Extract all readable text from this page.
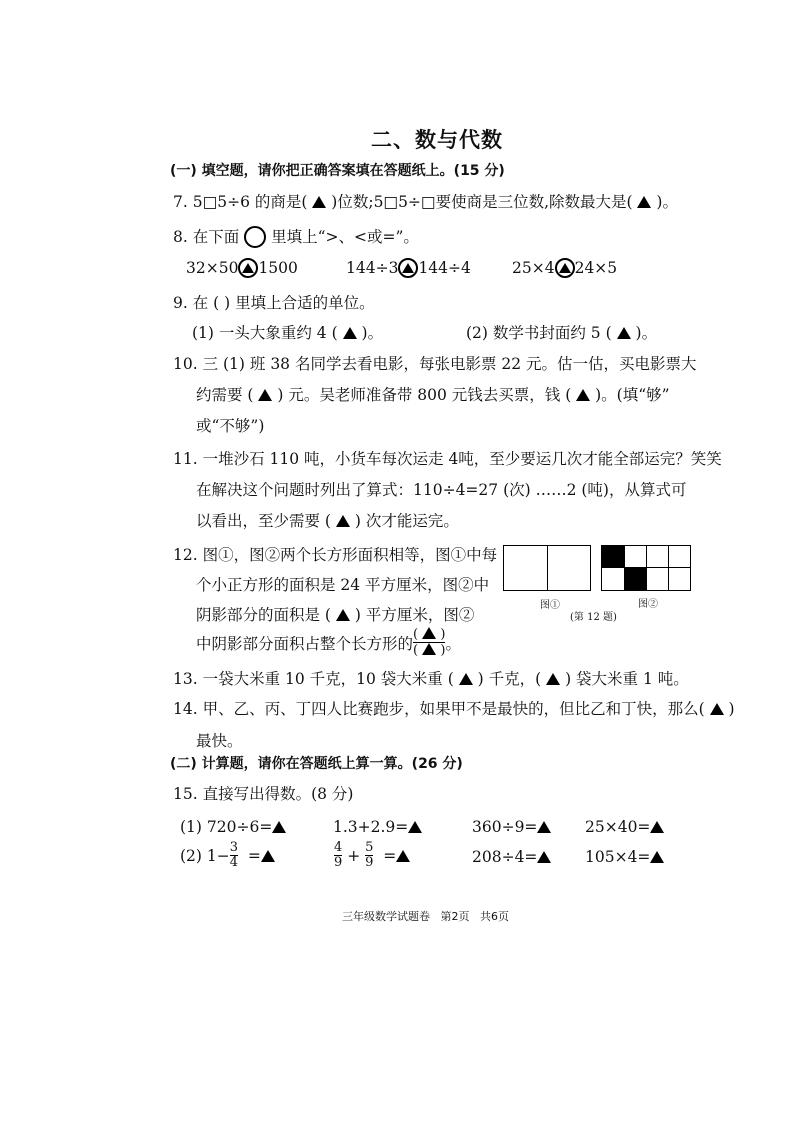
二、数与代数
(一) 填空题，请你把正确答案填在答题纸上。(15 分)
7. 5□5÷6 的商是( )位数;5□5÷□要使商是三位数,除数最大是( )。
8. 在下面 里填上“>、<或=”。
32×50 1500	144÷3 144÷4	25×4 24×5
9. 在 ( ) 里填上合适的单位。
(1) 一头大象重约 4 ( )。	(2) 数学书封面约 5 ( )。
10. 三 (1) 班 38 名同学去看电影，每张电影票 22 元。估一估，买电影票大
约需要 ( ) 元。吴老师准备带 800 元钱去买票，钱 ( )。(填“够”
或“不够”)
11. 一堆沙石 110 吨，小货车每次运走 4吨，至少要运几次才能全部运完？笑笑
在解决这个问题时列出了算式：110÷4=27 (次) ……2 (吨)，从算式可
以看出，至少需要 ( ) 次才能运完。
12. 图①，图②两个长方形面积相等，图①中每
个小正方形的面积是 24 平方厘米，图②中
阴影部分的面积是 ( ) 平方厘米，图②
中阴影部分面积占整个长方形的 $\frac{( )}{( )}$ 。
图①	图②
(第 12 题)
13. 一袋大米重 10 千克，10 袋大米重 ( ) 千克，( ) 袋大米重 1 吨。
14. 甲、乙、丙、丁四人比赛跑步，如果甲不是最快的，但比乙和丁快，那么( )
最快。
(二) 计算题，请你在答题纸上算一算。(26 分)
15. 直接写出得数。(8 分)
(1) 720÷6=	1.3+2.9=	360÷9=	25×40=
(2) $1- \frac{3}{4}$ =	$\frac{4}{9} + \frac{5}{9}$ =	208÷4=	105×4=
三年级数学试题卷   第2页   共6页
